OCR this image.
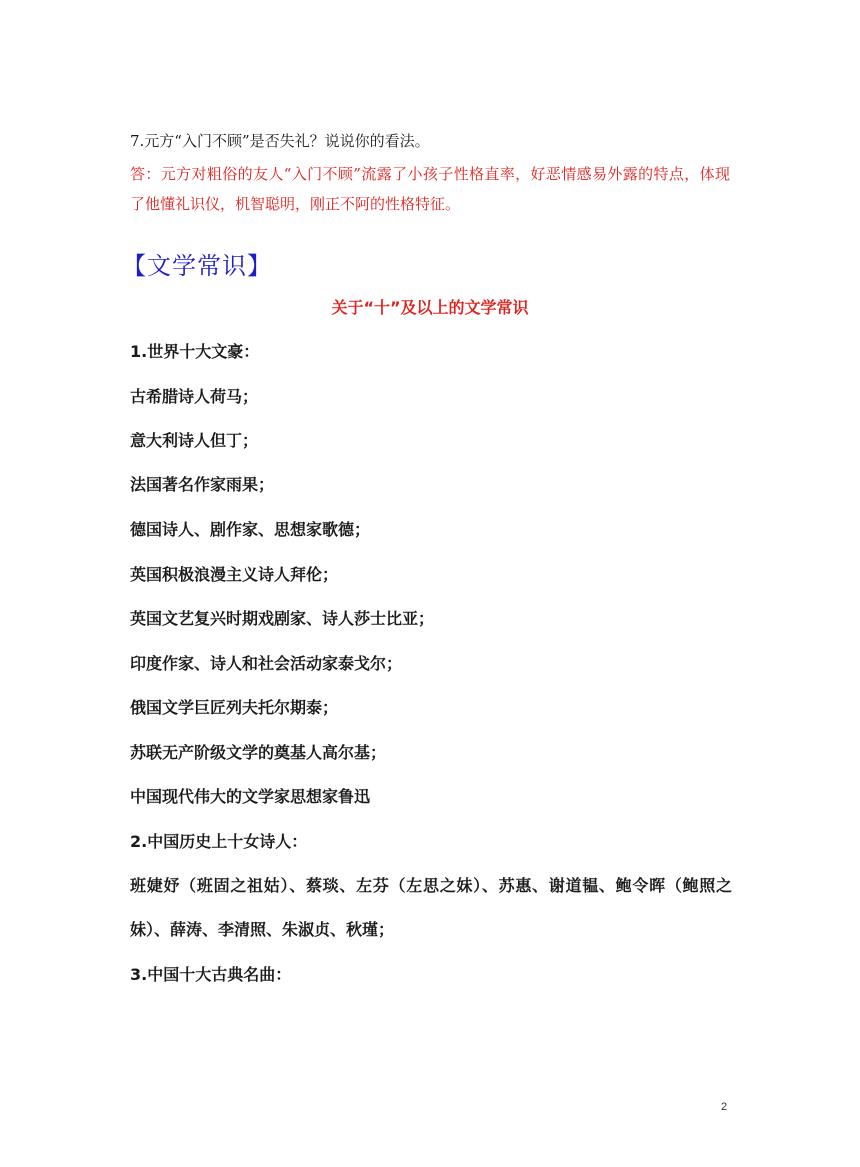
7.元方“入门不顾”是否失礼？说说你的看法。
答：元方对粗俗的友人“入门不顾”流露了小孩子性格直率，好恶情感易外露的特点，体现了他懂礼识仪，机智聪明，刚正不阿的性格特征。
【文学常识】
关于“十”及以上的文学常识
1.世界十大文豪：
古希腊诗人荷马；
意大利诗人但丁；
法国著名作家雨果；
德国诗人、剧作家、思想家歌德；
英国积极浪漫主义诗人拜伦；
英国文艺复兴时期戏剧家、诗人莎士比亚；
印度作家、诗人和社会活动家泰戈尔；
俄国文学巨匠列夫托尔期泰；
苏联无产阶级文学的奠基人高尔基；
中国现代伟大的文学家思想家鲁迅
2.中国历史上十女诗人：
班婕妤（班固之祖姑）、蔡琰、左芬（左思之妹）、苏惠、谢道韫、鲍令晖（鲍照之妹）、薛涛、李清照、朱淑贞、秋瑾；
3.中国十大古典名曲：
2
